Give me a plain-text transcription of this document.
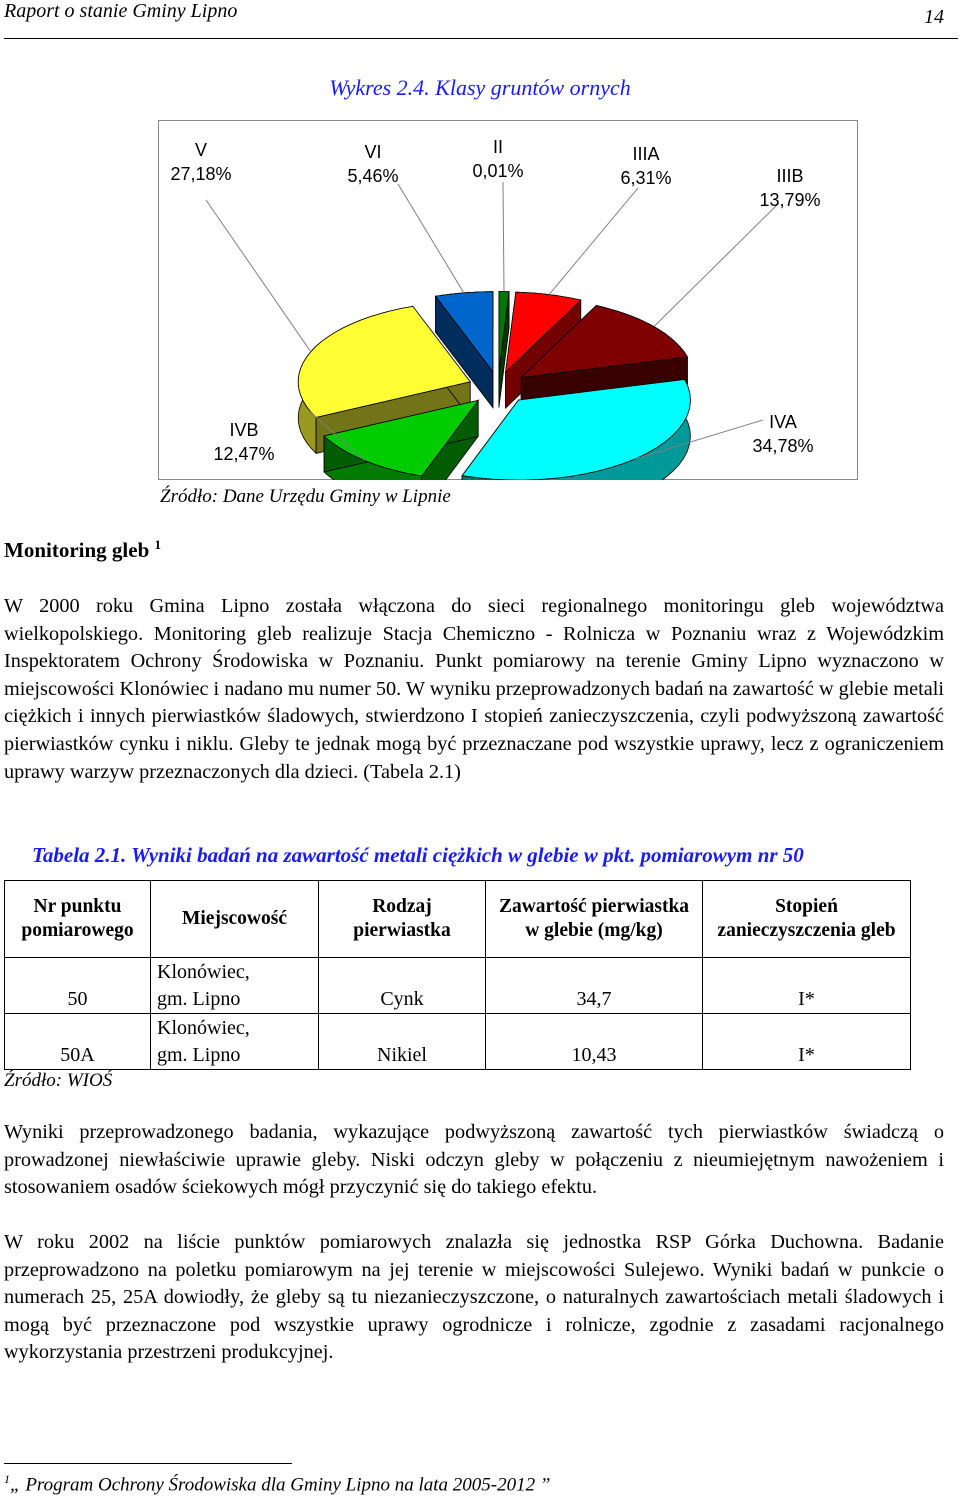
Raport o stanie Gminy Lipno	14
Wykres 2.4. Klasy gruntów ornych
II
0,01%
IIIA
6,31%	IIIB
13,79%
IVA
34,78%
IVB
12,47%
V
27,18%
VI
5,46%
Źródło: Dane Urzędu Gminy w Lipnie
Monitoring gleb $^1$
W 2000 roku Gmina Lipno została włączona do sieci regionalnego monitoringu gleb województwa wielkopolskiego. Monitoring gleb realizuje Stacja Chemiczno - Rolnicza w Poznaniu wraz z Wojewódzkim Inspektoratem Ochrony Środowiska w Poznaniu. Punkt pomiarowy na terenie Gminy Lipno wyznaczono w miejscowości Klonówiec i nadano mu numer 50. W wyniku przeprowadzonych badań na zawartość w glebie metali ciężkich i innych pierwiastków śladowych, stwierdzono I stopień zanieczyszczenia, czyli podwyższoną zawartość pierwiastków cynku i niklu. Gleby te jednak mogą być przeznaczane pod wszystkie uprawy, lecz z ograniczeniem uprawy warzyw przeznaczonych dla dzieci. (Tabela 2.1)
Tabela 2.1. Wyniki badań na zawartość metali ciężkich w glebie w pkt. pomiarowym nr 50
Nr punktu pomiarowego	Miejscowość	Rodzaj pierwiastka	Zawartość pierwiastka w glebie (mg/kg)	Stopień zanieczyszczenia gleb
50	Klonówiec,
gm. Lipno	Cynk	34,7	I*
50A	Klonówiec,
gm. Lipno	Nikiel	10,43	I*
Źródło: WIOŚ
Wyniki przeprowadzonego badania, wykazujące podwyższoną zawartość tych pierwiastków świadczą o prowadzonej niewłaściwie uprawie gleby. Niski odczyn gleby w połączeniu z nieumiejętnym nawożeniem i stosowaniem osadów ściekowych mógł przyczynić się do takiego efektu.
W roku 2002 na liście punktów pomiarowych znalazła się jednostka RSP Górka Duchowna. Badanie przeprowadzono na poletku pomiarowym na jej terenie w miejscowości Sulejewo. Wyniki badań w punkcie o numerach 25, 25A dowiodły, że gleby są tu niezanieczyszczone, o naturalnych zawartościach metali śladowych i mogą być przeznaczone pod wszystkie uprawy ogrodnicze i rolnicze, zgodnie z zasadami racjonalnego wykorzystania przestrzeni produkcyjnej.
$^1$„ Program Ochrony Środowiska dla Gminy Lipno na lata 2005-2012 ”
